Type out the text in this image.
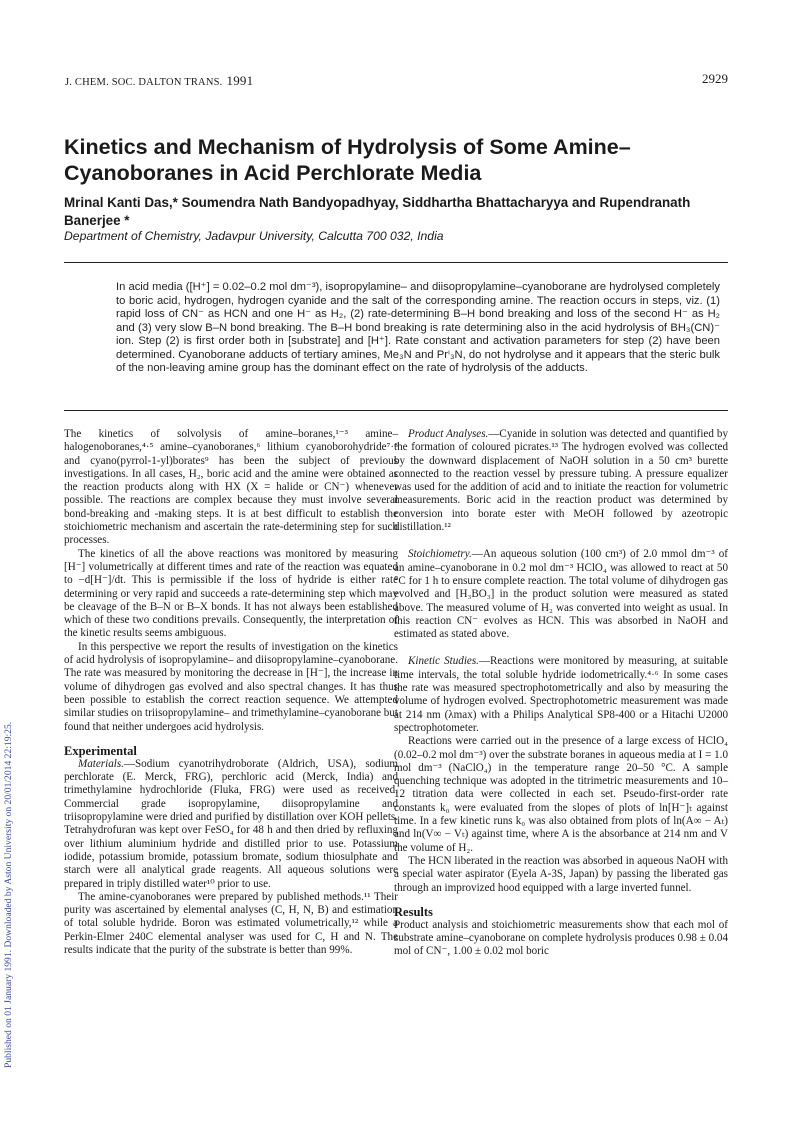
Published on 01 January 1991. Downloaded by Aston University on 20/01/2014 22:19:25.
J. CHEM. SOC. DALTON TRANS. 1991	2929
Kinetics and Mechanism of Hydrolysis of Some Amine–Cyanoboranes in Acid Perchlorate Media
Mrinal Kanti Das,* Soumendra Nath Bandyopadhyay, Siddhartha Bhattacharyya and Rupendranath Banerjee *
Department of Chemistry, Jadavpur University, Calcutta 700 032, India

In acid media ([H⁺] = 0.02–0.2 mol dm⁻³), isopropylamine– and diisopropylamine–cyanoborane are hydrolysed completely to boric acid, hydrogen, hydrogen cyanide and the salt of the corresponding amine. The reaction occurs in steps, viz. (1) rapid loss of CN⁻ as HCN and one H⁻ as H₂, (2) rate-determining B–H bond breaking and loss of the second H⁻ as H₂ and (3) very slow B–N bond breaking. The B–H bond breaking is rate determining also in the acid hydrolysis of BH₃(CN)⁻ ion. Step (2) is first order both in [substrate] and [H⁺]. Rate constant and activation parameters for step (2) have been determined. Cyanoborane adducts of tertiary amines, Me₃N and Prⁱ₃N, do not hydrolyse and it appears that the steric bulk of the non-leaving amine group has the dominant effect on the rate of hydrolysis of the adducts.

The kinetics of solvolysis of amine–boranes,¹⁻³ amine–halogenoboranes,⁴·⁵ amine–cyanoboranes,⁶ lithium cyanoborohydride⁷·⁸ and cyano(pyrrol-1-yl)borates⁹ has been the subject of previous investigations. In all cases, H₂, boric acid and the amine were obtained as the reaction products along with HX (X = halide or CN⁻) whenever possible. The reactions are complex because they must involve several bond-breaking and -making steps. It is at best difficult to establish the stoichiometric mechanism and ascertain the rate-determining step for such processes.

The kinetics of all the above reactions was monitored by measuring [H⁻] volumetrically at different times and rate of the reaction was equated to −d[H⁻]/dt. This is permissible if the loss of hydride is either rate determining or very rapid and succeeds a rate-determining step which may be cleavage of the B–N or B–X bonds. It has not always been established which of these two conditions prevails. Consequently, the interpretation of the kinetic results seems ambiguous.

In this perspective we report the results of investigation on the kinetics of acid hydrolysis of isopropylamine– and diisopropylamine–cyanoborane. The rate was measured by monitoring the decrease in [H⁻], the increase in volume of dihydrogen gas evolved and also spectral changes. It has thus been possible to establish the correct reaction sequence. We attempted similar studies on triisopropylamine– and trimethylamine–cyanoborane but found that neither undergoes acid hydrolysis.

Experimental

Materials.—Sodium cyanotrihydroborate (Aldrich, USA), sodium perchlorate (E. Merck, FRG), perchloric acid (Merck, India) and trimethylamine hydrochloride (Fluka, FRG) were used as received. Commercial grade isopropylamine, diisopropylamine and triisopropylamine were dried and purified by distillation over KOH pellets. Tetrahydrofuran was kept over FeSO₄ for 48 h and then dried by refluxing over lithium aluminium hydride and distilled prior to use. Potassium iodide, potassium bromide, potassium bromate, sodium thiosulphate and starch were all analytical grade reagents. All aqueous solutions were prepared in triply distilled water¹⁰ prior to use.

The amine-cyanoboranes were prepared by published methods.¹¹ Their purity was ascertained by elemental analyses (C, H, N, B) and estimation of total soluble hydride. Boron was estimated volumetrically,¹² while a Perkin-Elmer 240C elemental analyser was used for C, H and N. The results indicate that the purity of the substrate is better than 99%.

Product Analyses.—Cyanide in solution was detected and quantified by the formation of coloured picrates.¹³ The hydrogen evolved was collected by the downward displacement of NaOH solution in a 50 cm³ burette connected to the reaction vessel by pressure tubing. A pressure equalizer was used for the addition of acid and to initiate the reaction for volumetric measurements. Boric acid in the reaction product was determined by conversion into borate ester with MeOH followed by azeotropic distillation.¹²

Stoichiometry.—An aqueous solution (100 cm³) of 2.0 mmol dm⁻³ of an amine–cyanoborane in 0.2 mol dm⁻³ HClO₄ was allowed to react at 50 °C for 1 h to ensure complete reaction. The total volume of dihydrogen gas evolved and [H₃BO₃] in the product solution were measured as stated above. The measured volume of H₂ was converted into weight as usual. In this reaction CN⁻ evolves as HCN. This was absorbed in NaOH and estimated as stated above.

Kinetic Studies.—Reactions were monitored by measuring, at suitable time intervals, the total soluble hydride iodometrically.⁴·⁶ In some cases the rate was measured spectrophotometrically and also by measuring the volume of hydrogen evolved. Spectrophotometric measurement was made at 214 nm (λmax) with a Philips Analytical SP8-400 or a Hitachi U2000 spectrophotometer.

Reactions were carried out in the presence of a large excess of HClO₄ (0.02–0.2 mol dm⁻³) over the substrate boranes in aqueous media at I = 1.0 mol dm⁻³ (NaClO₄) in the temperature range 20–50 °C. A sample quenching technique was adopted in the titrimetric measurements and 10–12 titration data were collected in each set. Pseudo-first-order rate constants k₀ were evaluated from the slopes of plots of ln[H⁻]ₜ against time. In a few kinetic runs k₀ was also obtained from plots of ln(A∞ − Aₜ) and ln(V∞ − Vₜ) against time, where A is the absorbance at 214 nm and V the volume of H₂.

The HCN liberated in the reaction was absorbed in aqueous NaOH with a special water aspirator (Eyela A-3S, Japan) by passing the liberated gas through an improvized hood equipped with a large inverted funnel.

Results

Product analysis and stoichiometric measurements show that each mol of substrate amine–cyanoborane on complete hydrolysis produces 0.98 ± 0.04 mol of CN⁻, 1.00 ± 0.02 mol boric
